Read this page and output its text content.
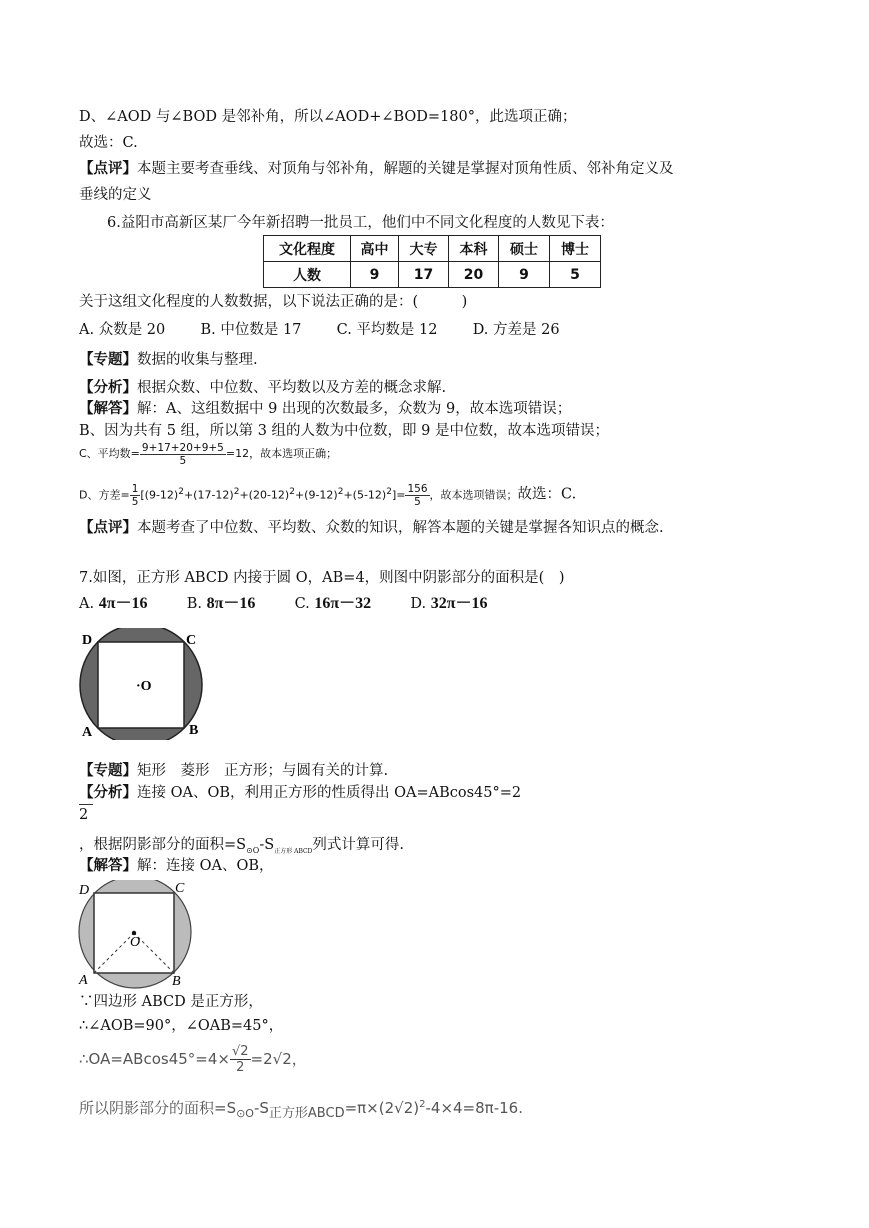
D、∠AOD 与∠BOD 是邻补角，所以∠AOD+∠BOD=180°，此选项正确；
故选：C.
【点评】本题主要考查垂线、对顶角与邻补角，解题的关键是掌握对顶角性质、邻补角定义及
垂线的定义
6.益阳市高新区某厂今年新招聘一批员工，他们中不同文化程度的人数见下表：
文化程度	高中	大专	本科	硕士	博士
人数	9	17	20	9	5
关于这组文化程度的人数数据，以下说法正确的是：(　　　)
A. 众数是 20 B. 中位数是 17 C. 平均数是 12 D. 方差是 26
【专题】数据的收集与整理.
【分析】根据众数、中位数、平均数以及方差的概念求解.
【解答】解：A、这组数据中 9 出现的次数最多，众数为 9，故本选项错误；
B、因为共有 5 组，所以第 3 组的人数为中位数，即 9 是中位数，故本选项错误；
C、平均数= $\frac{9+17+20+9+5}{5} =12$，故本选项正确；
D、方差= $\frac{1}{5} [(9-12)^2+(17-12)^2+(20-12)^2+(9-12)^2+(5-12)^2]= \frac{156}{5}$ ，故本选项错误；故选：C.
【点评】本题考查了中位数、平均数、众数的知识，解答本题的关键是掌握各知识点的概念.
7.如图，正方形 ABCD 内接于圆 O，AB=4，则图中阴影部分的面积是(　)
A. 4π－16	B. 8π－16	C. 16π－32	D. 32π－16
D	C
A	B
·O
【专题】矩形　菱形　正方形；与圆有关的计算.
【分析】连接 OA、OB，利用正方形的性质得出 OA=ABcos45°=2
2
，根据阴影部分的面积$=S_{⊙O}-S_{正方形 ABCD}$列式计算可得.
【解答】解：连接 OA、OB，
D	C
A	B
O
∵四边形 ABCD 是正方形，
∴∠AOB=90°，∠OAB=45°，
∴OA=ABcos45°=4× $\frac{√2}{2} =2√2$，
所以阴影部分的面积$=S_{⊙O}-S_{正方形ABCD}=\pi\times(2√2)^2-4\times 4=8\pi-16$.
